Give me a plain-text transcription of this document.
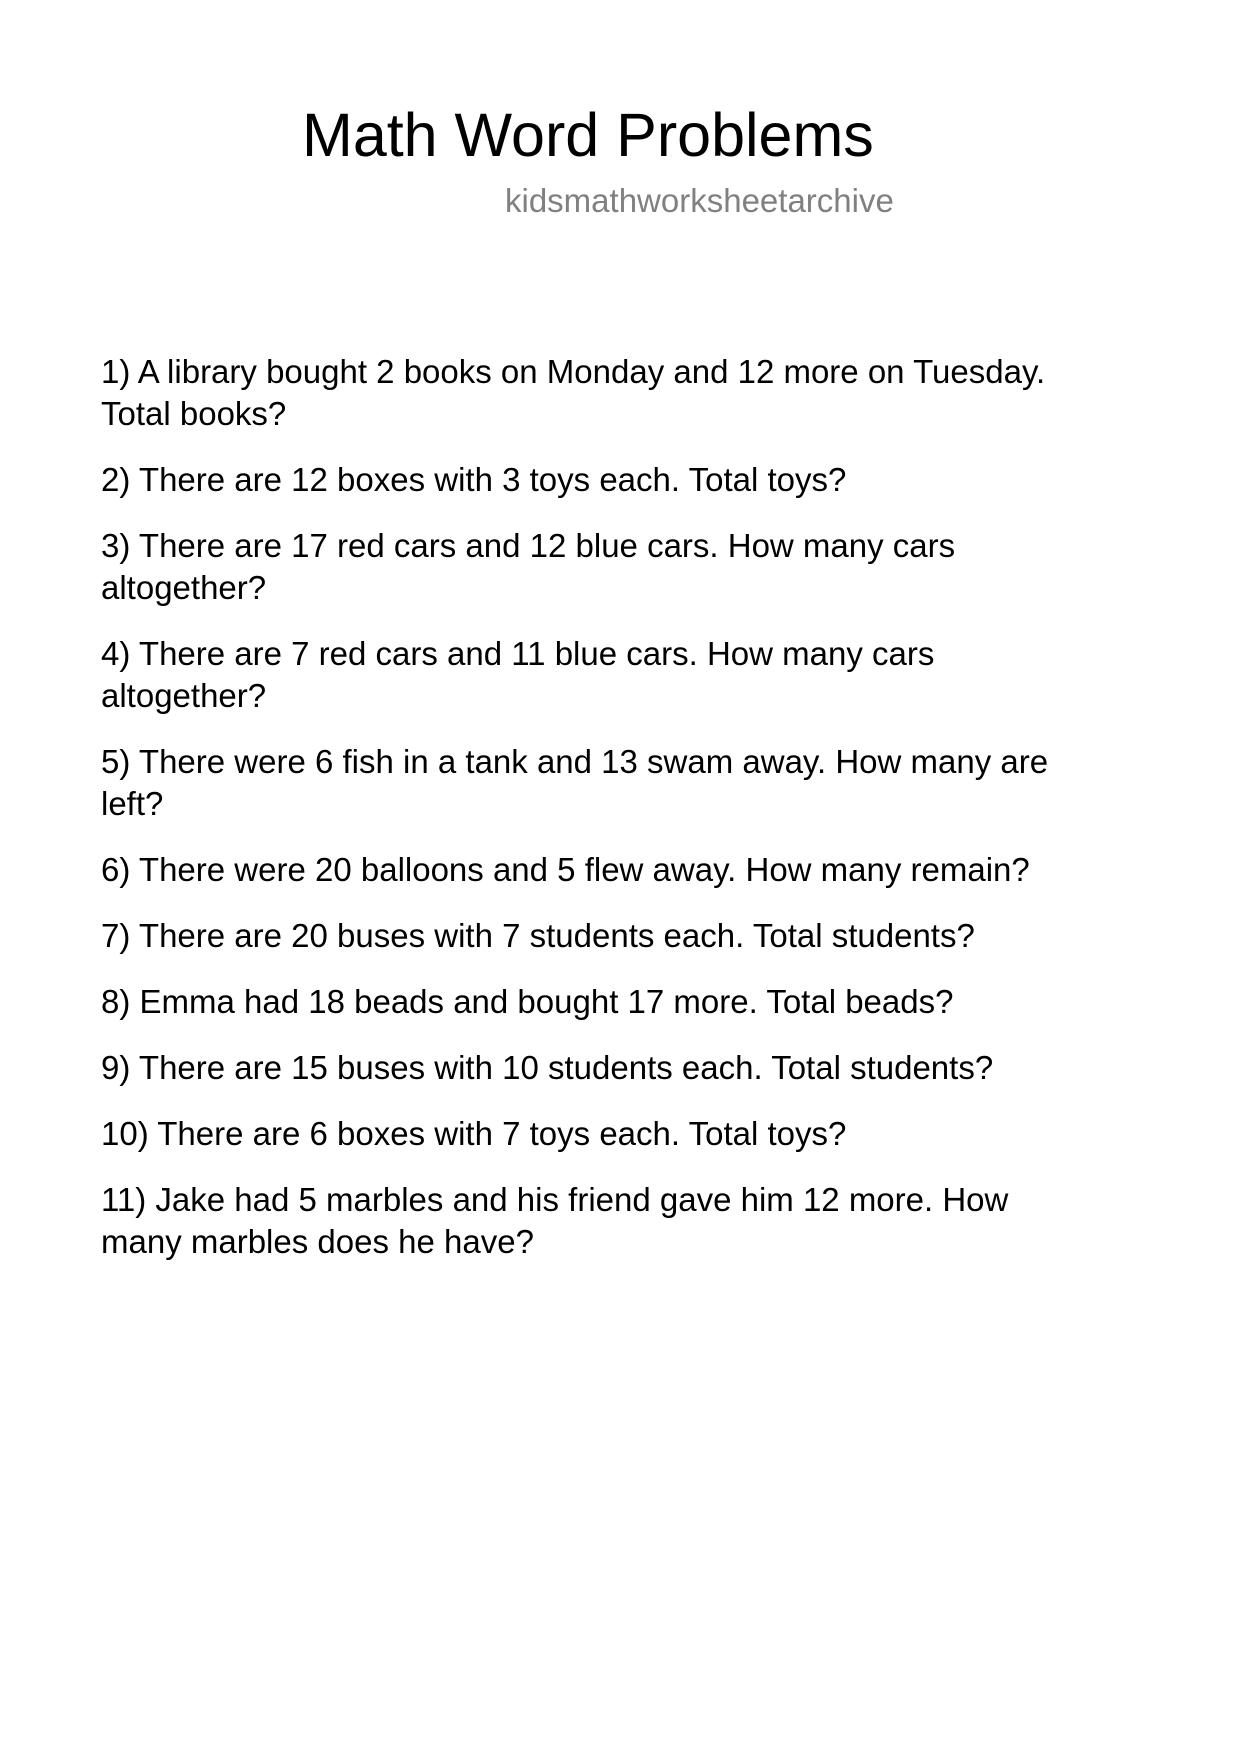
Math Word Problems
kidsmathworksheetarchive
1) A library bought 2 books on Monday and 12 more on Tuesday.
Total books?
2) There are 12 boxes with 3 toys each. Total toys?
3) There are 17 red cars and 12 blue cars. How many cars
altogether?
4) There are 7 red cars and 11 blue cars. How many cars
altogether?
5) There were 6 fish in a tank and 13 swam away. How many are
left?
6) There were 20 balloons and 5 flew away. How many remain?
7) There are 20 buses with 7 students each. Total students?
8) Emma had 18 beads and bought 17 more. Total beads?
9) There are 15 buses with 10 students each. Total students?
10) There are 6 boxes with 7 toys each. Total toys?
11) Jake had 5 marbles and his friend gave him 12 more. How
many marbles does he have?
